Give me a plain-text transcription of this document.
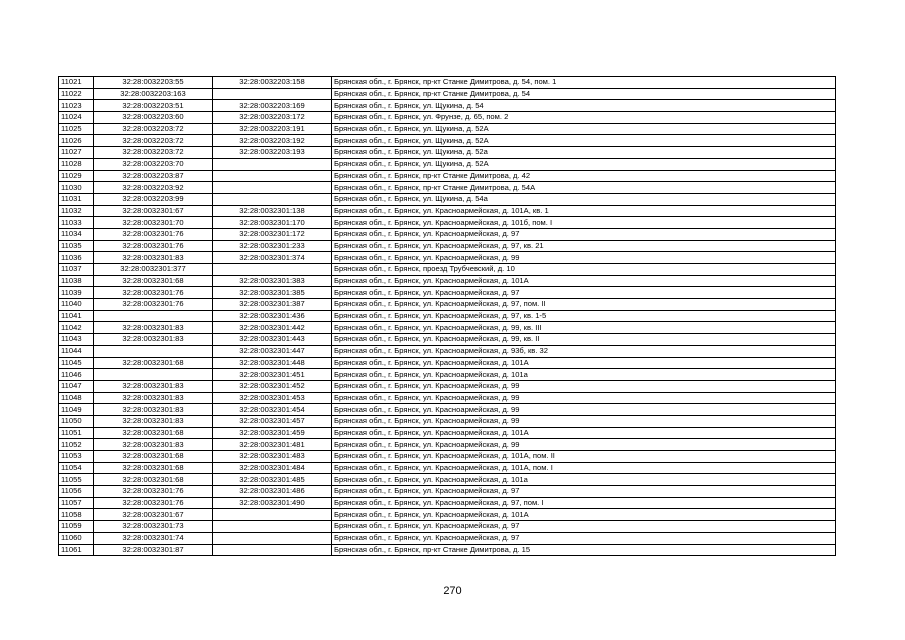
11021	32:28:0032203:55	32:28:0032203:158	Брянская обл., г. Брянск, пр-кт Станке Димитрова, д. 54, пом. 1
11022	32:28:0032203:163		Брянская обл., г. Брянск, пр-кт Станке Димитрова, д. 54
11023	32:28:0032203:51	32:28:0032203:169	Брянская обл., г. Брянск, ул. Щукина, д. 54
11024	32:28:0032203:60	32:28:0032203:172	Брянская обл., г. Брянск, ул. Фрунзе, д. 65, пом. 2
11025	32:28:0032203:72	32:28:0032203:191	Брянская обл., г. Брянск, ул. Щукина, д. 52А
11026	32:28:0032203:72	32:28:0032203:192	Брянская обл., г. Брянск, ул. Щукина, д. 52А
11027	32:28:0032203:72	32:28:0032203:193	Брянская обл., г. Брянск, ул. Щукина, д. 52а
11028	32:28:0032203:70		Брянская обл., г. Брянск, ул. Щукина, д. 52А
11029	32:28:0032203:87		Брянская обл., г. Брянск, пр-кт Станке Димитрова, д. 42
11030	32:28:0032203:92		Брянская обл., г. Брянск, пр-кт Станке Димитрова, д. 54А
11031	32:28:0032203:99		Брянская обл., г. Брянск, ул. Щукина, д. 54а
11032	32:28:0032301:67	32:28:0032301:138	Брянская обл., г. Брянск, ул. Красноармейская, д. 101А, кв. 1
11033	32:28:0032301:70	32:28:0032301:170	Брянская обл., г. Брянск, ул. Красноармейская, д. 101б, пом. I
11034	32:28:0032301:76	32:28:0032301:172	Брянская обл., г. Брянск, ул. Красноармейская, д. 97
11035	32:28:0032301:76	32:28:0032301:233	Брянская обл., г. Брянск, ул. Красноармейская, д. 97, кв. 21
11036	32:28:0032301:83	32:28:0032301:374	Брянская обл., г. Брянск, ул. Красноармейская, д. 99
11037	32:28:0032301:377		Брянская обл., г. Брянск, проезд Трубчевский, д. 10
11038	32:28:0032301:68	32:28:0032301:383	Брянская обл., г. Брянск, ул. Красноармейская, д. 101А
11039	32:28:0032301:76	32:28:0032301:385	Брянская обл., г. Брянск, ул. Красноармейская, д. 97
11040	32:28:0032301:76	32:28:0032301:387	Брянская обл., г. Брянск, ул. Красноармейская, д. 97, пом. II
11041		32:28:0032301:436	Брянская обл., г. Брянск, ул. Красноармейская, д. 97, кв. 1-5
11042	32:28:0032301:83	32:28:0032301:442	Брянская обл., г. Брянск, ул. Красноармейская, д. 99, кв. III
11043	32:28:0032301:83	32:28:0032301:443	Брянская обл., г. Брянск, ул. Красноармейская, д. 99, кв. II
11044		32:28:0032301:447	Брянская обл., г. Брянск, ул. Красноармейская, д. 93б, кв. 32
11045	32:28:0032301:68	32:28:0032301:448	Брянская обл., г. Брянск, ул. Красноармейская, д. 101А
11046		32:28:0032301:451	Брянская обл., г. Брянск, ул. Красноармейская, д. 101а
11047	32:28:0032301:83	32:28:0032301:452	Брянская обл., г. Брянск, ул. Красноармейская, д. 99
11048	32:28:0032301:83	32:28:0032301:453	Брянская обл., г. Брянск, ул. Красноармейская, д. 99
11049	32:28:0032301:83	32:28:0032301:454	Брянская обл., г. Брянск, ул. Красноармейская, д. 99
11050	32:28:0032301:83	32:28:0032301:457	Брянская обл., г. Брянск, ул. Красноармейская, д. 99
11051	32:28:0032301:68	32:28:0032301:459	Брянская обл., г. Брянск, ул. Красноармейская, д. 101А
11052	32:28:0032301:83	32:28:0032301:481	Брянская обл., г. Брянск, ул. Красноармейская, д. 99
11053	32:28:0032301:68	32:28:0032301:483	Брянская обл., г. Брянск, ул. Красноармейская, д. 101А, пом. II
11054	32:28:0032301:68	32:28:0032301:484	Брянская обл., г. Брянск, ул. Красноармейская, д. 101А, пом. I
11055	32:28:0032301:68	32:28:0032301:485	Брянская обл., г. Брянск, ул. Красноармейская, д. 101а
11056	32:28:0032301:76	32:28:0032301:486	Брянская обл., г. Брянск, ул. Красноармейская, д. 97
11057	32:28:0032301:76	32:28:0032301:490	Брянская обл., г. Брянск, ул. Красноармейская, д. 97, пом. I
11058	32:28:0032301:67		Брянская обл., г. Брянск, ул. Красноармейская, д. 101А
11059	32:28:0032301:73		Брянская обл., г. Брянск, ул. Красноармейская, д. 97
11060	32:28:0032301:74		Брянская обл., г. Брянск, ул. Красноармейская, д. 97
11061	32:28:0032301:87		Брянская обл., г. Брянск, пр-кт Станке Димитрова, д. 15
270
